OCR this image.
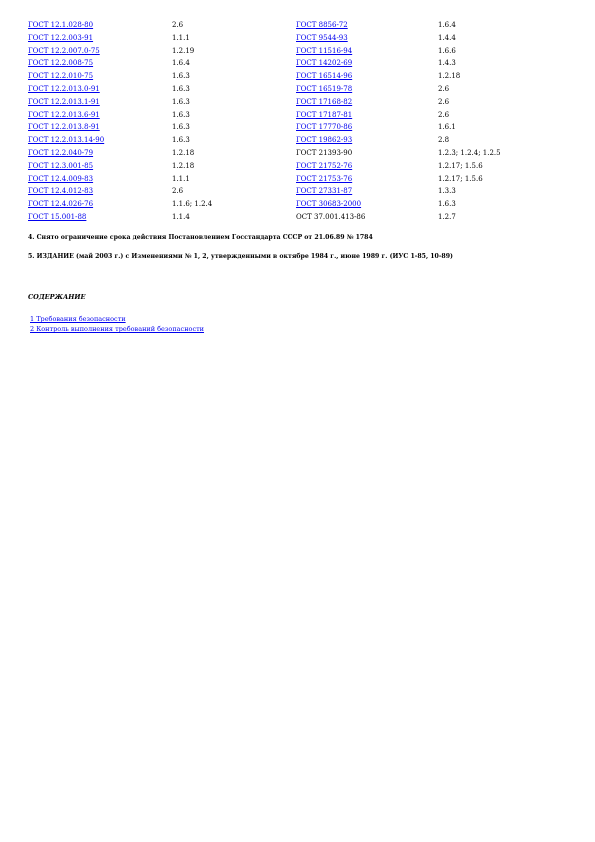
ГОСТ 12.1.028-80	2.6	ГОСТ 8856-72	1.6.4
ГОСТ 12.2.003-91	1.1.1	ГОСТ 9544-93	1.4.4
ГОСТ 12.2.007.0-75	1.2.19	ГОСТ 11516-94	1.6.6
ГОСТ 12.2.008-75	1.6.4	ГОСТ 14202-69	1.4.3
ГОСТ 12.2.010-75	1.6.3	ГОСТ 16514-96	1.2.18
ГОСТ 12.2.013.0-91	1.6.3	ГОСТ 16519-78	2.6
ГОСТ 12.2.013.1-91	1.6.3	ГОСТ 17168-82	2.6
ГОСТ 12.2.013.6-91	1.6.3	ГОСТ 17187-81	2.6
ГОСТ 12.2.013.8-91	1.6.3	ГОСТ 17770-86	1.6.1
ГОСТ 12.2.013.14-90	1.6.3	ГОСТ 19862-93	2.8
ГОСТ 12.2.040-79	1.2.18	ГОСТ 21393-90	1.2.3; 1.2.4; 1.2.5
ГОСТ 12.3.001-85	1.2.18	ГОСТ 21752-76	1.2.17; 1.5.6
ГОСТ 12.4.009-83	1.1.1	ГОСТ 21753-76	1.2.17; 1.5.6
ГОСТ 12.4.012-83	2.6	ГОСТ 27331-87	1.3.3
ГОСТ 12.4.026-76	1.1.6; 1.2.4	ГОСТ 30683-2000	1.6.3
ГОСТ 15.001-88	1.1.4	ОСТ 37.001.413-86	1.2.7
4. Снято ограничение срока действия Постановлением Госстандарта СССР от 21.06.89 № 1784
5. ИЗДАНИЕ (май 2003 г.) с Изменениями № 1, 2, утвержденными в октябре 1984 г., июне 1989 г. (ИУС 1-85, 10-89)
СОДЕРЖАНИЕ
1 Требования безопасности
2 Контроль выполнения требований безопасности
